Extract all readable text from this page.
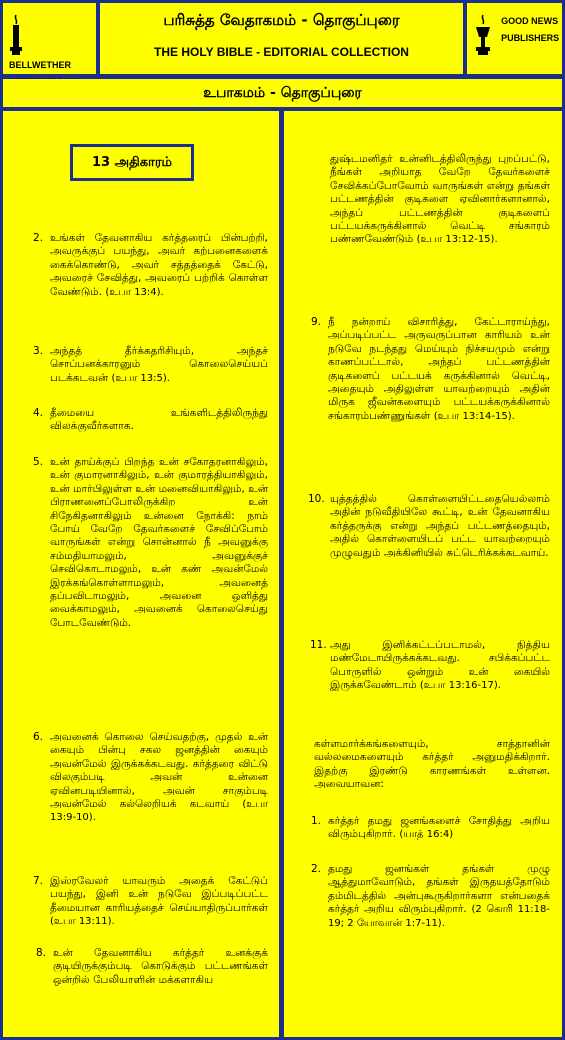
BELLWETHER
பரிசுத்த வேதாகமம் - தொகுப்புரை
THE HOLY BIBLE - EDITORIAL COLLECTION

GOOD NEWS
PUBLISHERS
உபாகமம் - தொகுப்புரை
13 அதிகாரம்
2. உங்கள் தேவனாகிய கர்த்தரைப் பின்பற்றி, அவருக்குப் பயந்து, அவர் கற்பனைகளைக் கைக்கொண்டு, அவர் சத்தத்தைக் கேட்டு, அவரைச் சேவித்து, அவரைப் பற்றிக் கொள்ள வேண்டும். (உபா 13:4).
3. அந்தத் தீர்க்கதரிசியும், அந்தச் சொப்பனக்காரனும் கொலைசெய்யப் படக்கடவன் (உபா 13:5).
4. தீமையை உங்களிடத்திலிருந்து விலக்குவீர்களாக.
5. உன் தாய்க்குப் பிறந்த உன் சகோதரனாகிலும், உன் குமாரனாகிலும், உன் குமாரத்தியாகிலும், உன் மார்பிலுள்ள உன் மனைவியாகிலும், உன் பிராணனைப்போலிருக்கிற உன் சிநேகிதனாகிலும் உன்னை நோக்கி: நாம் போய் வேறே தேவர்களைச் சேவிப்போம் வாருங்கள் என்று சொன்னால் நீ அவனுக்கு சம்மதியாமலும், அவனுக்குச் செவிகொடாமலும், உன் கண் அவன்மேல் இரக்கங்கொள்ளாமலும், அவனைத் தப்பவிடாமலும், அவனை ஒளித்து வைக்காமலும், அவனைக் கொலைசெய்து போடவேண்டும்.
6. அவனைக் கொலை செய்வதற்கு, முதல் உன் கையும் பின்பு சகல ஜனத்தின் கையும் அவன்மேல் இருக்கக்கடவது. கர்த்தரை விட்டு விலகும்படி அவன் உன்னை ஏவினபடியினால், அவன் சாகும்படி அவன்மேல் கல்லெறியக் கடவாய் (உபா 13:9-10).
7. இஸ்ரவேலர் யாவரும் அதைக் கேட்டுப் பயந்து, இனி உன் நடுவே இப்படிப்பட்ட தீமையான காரியத்தைச் செய்யாதிருப்பார்கள் (உபா 13:11).
8. உன் தேவனாகிய கர்த்தர் உனக்குக் குடியிருக்கும்படி கொடுக்கும் பட்டணங்கள் ஒன்றில் பேலியாளின் மக்களாகிய
துஷ்டமனிதர் உன்னிடத்திலிருந்து புறப்பட்டு, நீங்கள் அறியாத வேறே தேவர்களைச் சேவிக்கப்போவோம் வாருங்கள் என்று தங்கள் பட்டணத்தின் குடிகளை ஏவினார்களானால், அந்தப் பட்டணத்தின் குடிகளைப் பட்டயக்கருக்கினால் வெட்டி சங்காரம் பண்ணவேண்டும் (உபா 13:12-15).
9. நீ நன்றாய் விசாரித்து, கேட்டாராய்ந்து, அப்படிப்பட்ட அருவருப்பான காரியம் உன் நடுவே நடந்தது மெய்யும் நிச்சயமும் என்று காணப்பட்டால், அந்தப் பட்டணத்தின் குடிகளைப் பட்டயக் கருக்கினால் வெட்டி, அதையும் அதிலுள்ள யாவற்றையும் அதின் மிருக ஜீவன்களையும் பட்டயக்கருக்கினால் சங்காரம்பண்ணுங்கள் (உபா 13:14-15).
10. யுத்தத்தில் கொள்ளையிட்டதையெல்லாம் அதின் நடுவீதியிலே கூட்டி, உன் தேவனாகிய கர்த்தருக்கு என்று அந்தப் பட்டணத்தையும், அதில் கொள்ளையிடப் பட்ட யாவற்றையும் முழுவதும் அக்கினியில் சுட்டெரிக்கக்கடவாய்.
11. அது இனிக்கட்டப்படாமல், நித்திய மண்மேடாயிருக்கக்கடவது. சபிக்கப்பட்ட பொருளில் ஒன்றும் உன் கையில் இருக்கவேண்டாம் (உபா 13:16-17).
கள்ளமார்க்கங்களையும், சாத்தானின் வல்லமைகளையும் கர்த்தர் அனுமதிக்கிறார். இதற்கு இரண்டு காரணங்கள் உள்ளன. அவையாவன:
1. கர்த்தர் தமது ஜனங்களைச் சோதித்து அறிய விரும்புகிறார். (யாத் 16:4)
2. தமது ஜனங்கள் தங்கள் முழு ஆத்துமாவோடும், தங்கள் இருதயத்தோடும் தம்மிடத்தில் அன்புகூருகிறார்களா என்பதைக் கர்த்தர் அறிய விரும்புகிறார். (2 கொரி 11:18-19; 2 யோவான் 1:7-11).
